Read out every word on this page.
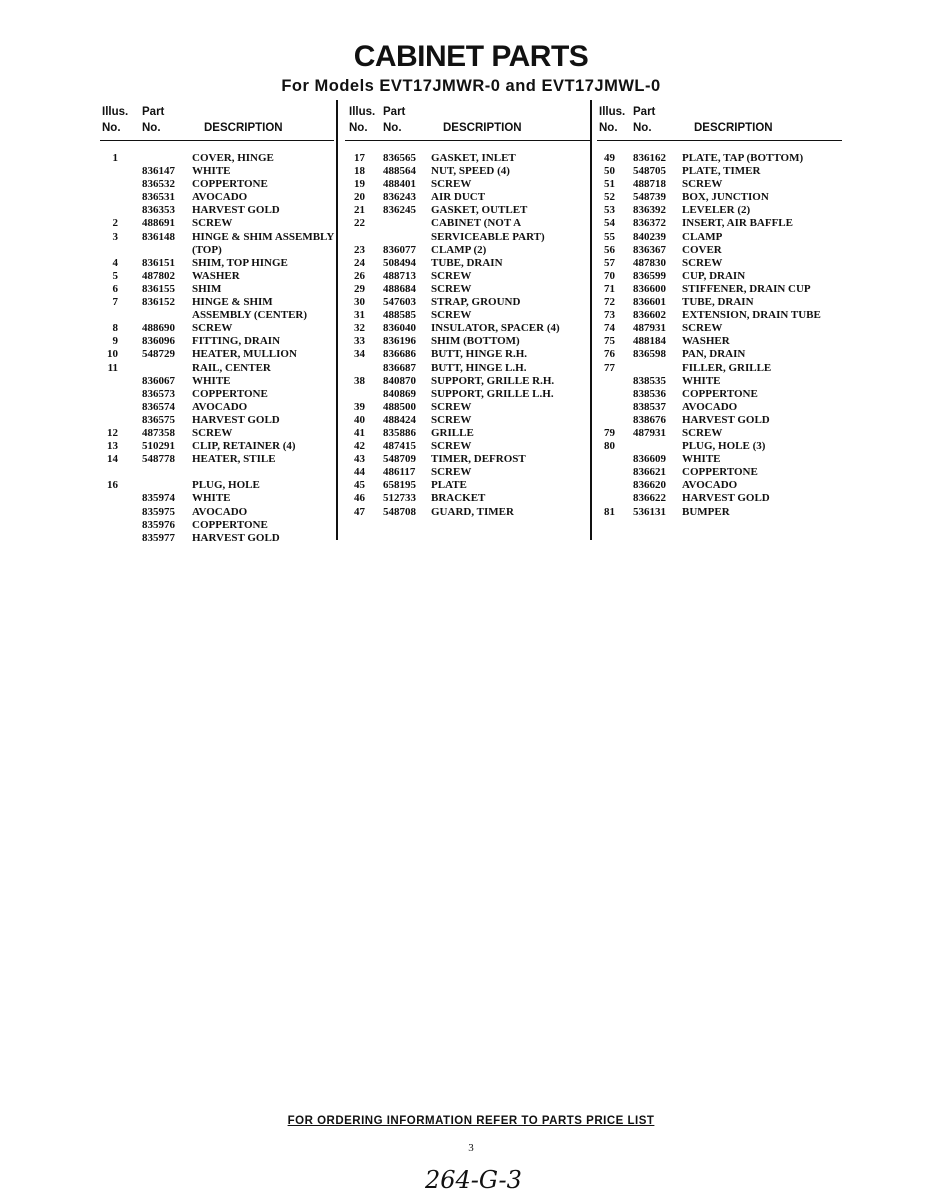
CABINET PARTS
For Models EVT17JMWR-0 and EVT17JMWL-0
Illus. Part
No. No.	DESCRIPTION
1	COVER, HINGE
836147 WHITE
836532 COPPERTONE
836531 AVOCADO
836353 HARVEST GOLD
2 488691 SCREW
3 836148 HINGE & SHIM ASSEMBLY
(TOP)
4 836151 SHIM, TOP HINGE
5 487802 WASHER
6 836155 SHIM
7 836152 HINGE & SHIM
ASSEMBLY (CENTER)
8 488690 SCREW
9 836096 FITTING, DRAIN
10 548729 HEATER, MULLION
11	RAIL, CENTER
836067 WHITE
836573 COPPERTONE
836574 AVOCADO
836575 HARVEST GOLD
12 487358 SCREW
13 510291 CLIP, RETAINER (4)
14 548778 HEATER, STILE
16	PLUG, HOLE
835974 WHITE
835975 AVOCADO
835976 COPPERTONE
835977 HARVEST GOLD
Illus. Part
No. No.	DESCRIPTION
17 836565 GASKET, INLET
18 488564 NUT, SPEED (4)
19 488401 SCREW
20 836243 AIR DUCT
21 836245 GASKET, OUTLET
22	CABINET (NOT A
SERVICEABLE PART)
23 836077 CLAMP (2)
24 508494 TUBE, DRAIN
26 488713 SCREW
29 488684 SCREW
30 547603 STRAP, GROUND
31 488585 SCREW
32 836040 INSULATOR, SPACER (4)
33 836196 SHIM (BOTTOM)
34 836686 BUTT, HINGE R.H.
836687 BUTT, HINGE L.H.
38 840870 SUPPORT, GRILLE R.H.
840869 SUPPORT, GRILLE L.H.
39 488500 SCREW
40 488424 SCREW
41 835886 GRILLE
42 487415 SCREW
43 548709 TIMER, DEFROST
44 486117 SCREW
45 658195 PLATE
46 512733 BRACKET
47 548708 GUARD, TIMER
Illus. Part
No. No.	DESCRIPTION
49 836162 PLATE, TAP (BOTTOM)
50 548705 PLATE, TIMER
51 488718 SCREW
52 548739 BOX, JUNCTION
53 836392 LEVELER (2)
54 836372 INSERT, AIR BAFFLE
55 840239 CLAMP
56 836367 COVER
57 487830 SCREW
70 836599 CUP, DRAIN
71 836600 STIFFENER, DRAIN CUP
72 836601 TUBE, DRAIN
73 836602 EXTENSION, DRAIN TUBE
74 487931 SCREW
75 488184 WASHER
76 836598 PAN, DRAIN
77	FILLER, GRILLE
838535 WHITE
838536 COPPERTONE
838537 AVOCADO
838676 HARVEST GOLD
79 487931 SCREW
80	PLUG, HOLE (3)
836609 WHITE
836621 COPPERTONE
836620 AVOCADO
836622 HARVEST GOLD
81 536131 BUMPER
FOR ORDERING INFORMATION REFER TO PARTS PRICE LIST
3
264-G-3
